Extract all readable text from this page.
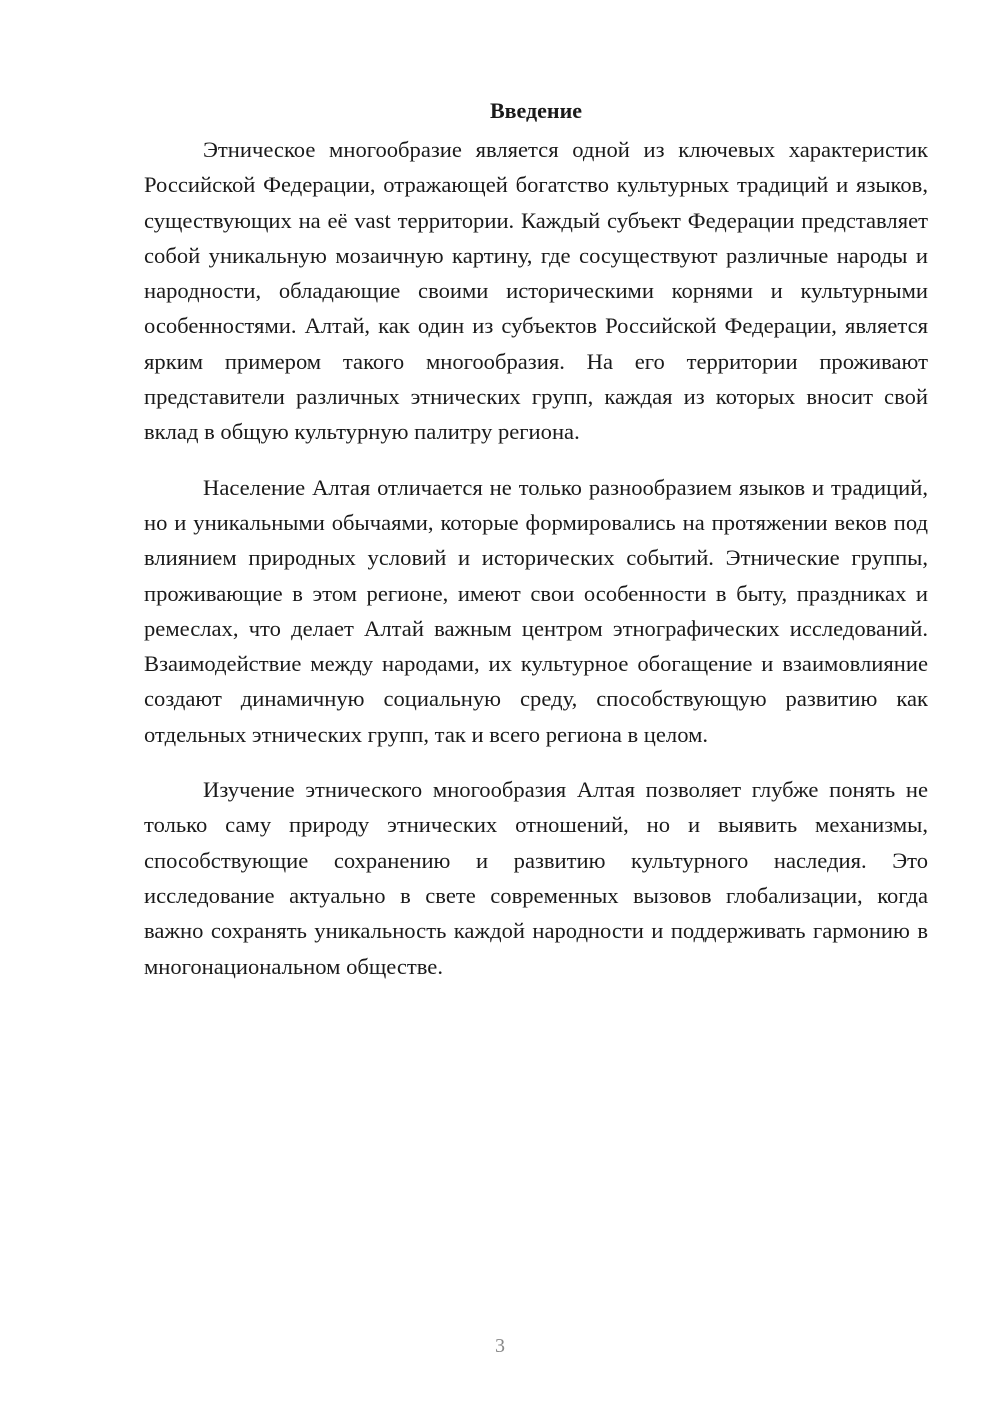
Введение

Этническое многообразие является одной из ключевых характеристик Российской Федерации, отражающей богатство культурных традиций и языков, существующих на её vast территории. Каждый субъект Федерации представляет собой уникальную мозаичную картину, где сосуществуют различные народы и народности, обладающие своими историческими корнями и культурными особенностями. Алтай, как один из субъектов Российской Федерации, является ярким примером такого многообразия. На его территории проживают представители различных этнических групп, каждая из которых вносит свой вклад в общую культурную палитру региона.

Население Алтая отличается не только разнообразием языков и традиций, но и уникальными обычаями, которые формировались на протяжении веков под влиянием природных условий и исторических событий. Этнические группы, проживающие в этом регионе, имеют свои особенности в быту, праздниках и ремеслах, что делает Алтай важным центром этнографических исследований. Взаимодействие между народами, их культурное обогащение и взаимовлияние создают динамичную социальную среду, способствующую развитию как отдельных этнических групп, так и всего региона в целом.

Изучение этнического многообразия Алтая позволяет глубже понять не только саму природу этнических отношений, но и выявить механизмы, способствующие сохранению и развитию культурного наследия. Это исследование актуально в свете современных вызовов глобализации, когда важно сохранять уникальность каждой народности и поддерживать гармонию в многонациональном обществе.

3
